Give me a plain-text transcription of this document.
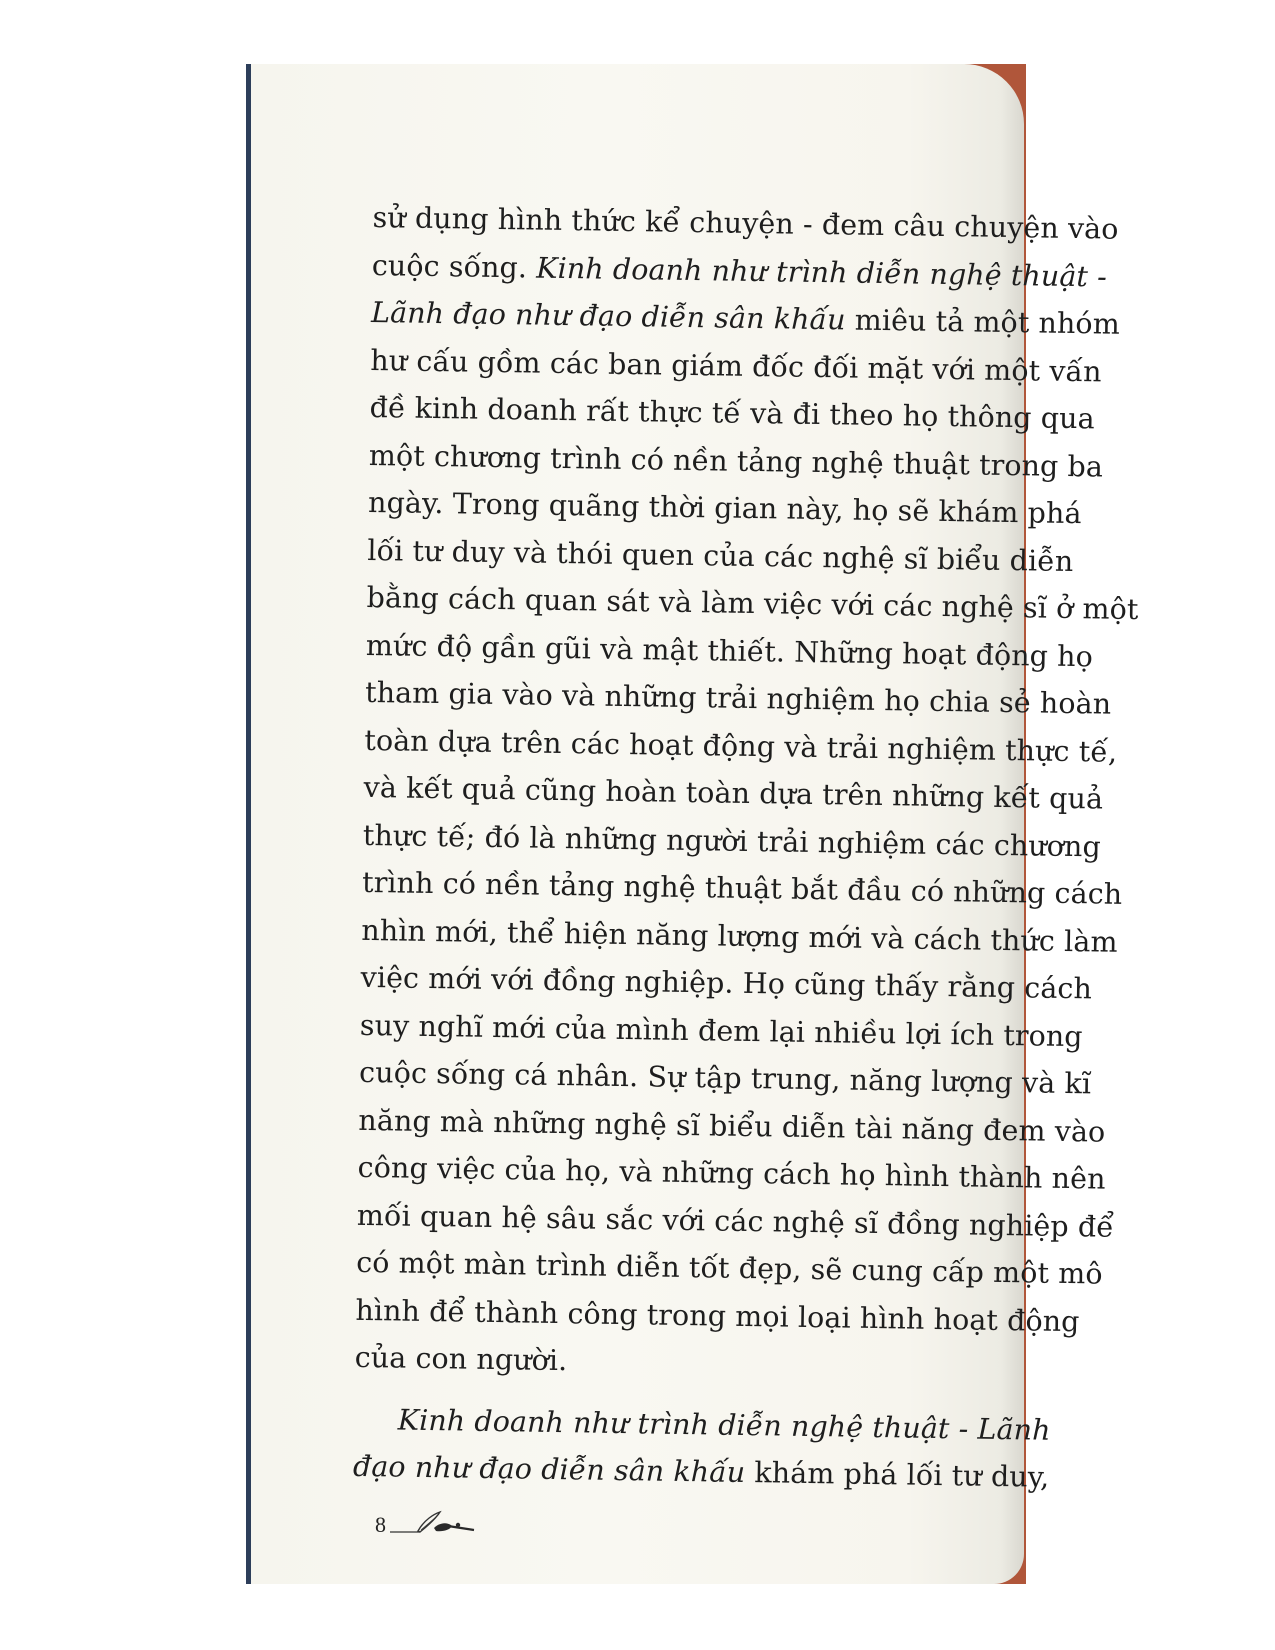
sử dụng hình thức kể chuyện - đem câu chuyện vào
cuộc sống. Kinh doanh như trình diễn nghệ thuật -
Lãnh đạo như đạo diễn sân khấu miêu tả một nhóm
hư cấu gồm các ban giám đốc đối mặt với một vấn
đề kinh doanh rất thực tế và đi theo họ thông qua
một chương trình có nền tảng nghệ thuật trong ba
ngày. Trong quãng thời gian này, họ sẽ khám phá
lối tư duy và thói quen của các nghệ sĩ biểu diễn
bằng cách quan sát và làm việc với các nghệ sĩ ở một
mức độ gần gũi và mật thiết. Những hoạt động họ
tham gia vào và những trải nghiệm họ chia sẻ hoàn
toàn dựa trên các hoạt động và trải nghiệm thực tế,
và kết quả cũng hoàn toàn dựa trên những kết quả
thực tế; đó là những người trải nghiệm các chương
trình có nền tảng nghệ thuật bắt đầu có những cách
nhìn mới, thể hiện năng lượng mới và cách thức làm
việc mới với đồng nghiệp. Họ cũng thấy rằng cách
suy nghĩ mới của mình đem lại nhiều lợi ích trong
cuộc sống cá nhân. Sự tập trung, năng lượng và kĩ
năng mà những nghệ sĩ biểu diễn tài năng đem vào
công việc của họ, và những cách họ hình thành nên
mối quan hệ sâu sắc với các nghệ sĩ đồng nghiệp để
có một màn trình diễn tốt đẹp, sẽ cung cấp một mô
hình để thành công trong mọi loại hình hoạt động
của con người.
Kinh doanh như trình diễn nghệ thuật - Lãnh
đạo như đạo diễn sân khấu khám phá lối tư duy,
8
